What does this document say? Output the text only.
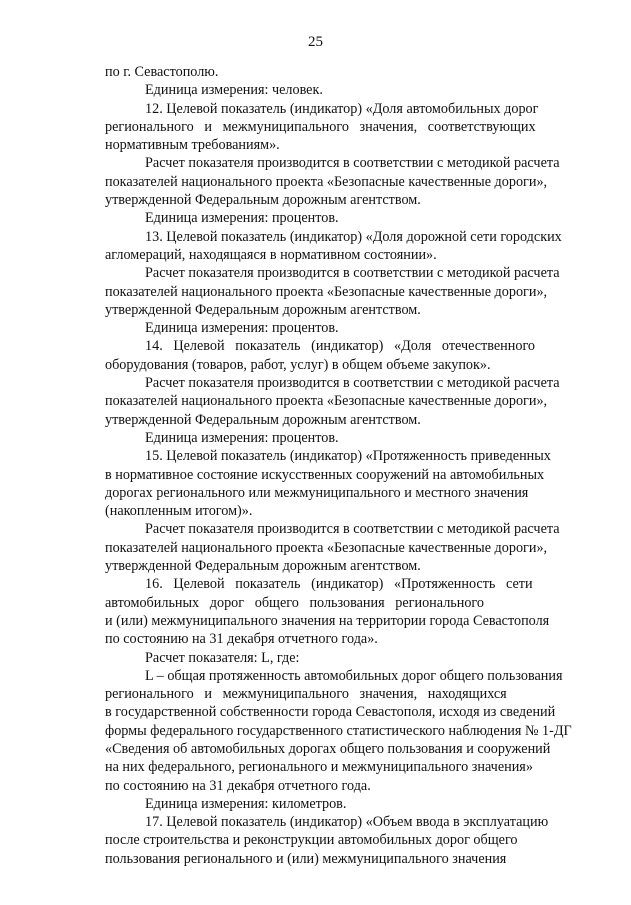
25
по г. Севастополю.
Единица измерения: человек.
12. Целевой показатель (индикатор) «Доля автомобильных дорог
регионального   и   межмуниципального   значения,   соответствующих
нормативным требованиям».
Расчет показателя производится в соответствии с методикой расчета
показателей национального проекта «Безопасные качественные дороги»,
утвержденной Федеральным дорожным агентством.
Единица измерения: процентов.
13. Целевой показатель (индикатор) «Доля дорожной сети городских
агломераций, находящаяся в нормативном состоянии».
Расчет показателя производится в соответствии с методикой расчета
показателей национального проекта «Безопасные качественные дороги»,
утвержденной Федеральным дорожным агентством.
Единица измерения: процентов.
14.   Целевой   показатель   (индикатор)   «Доля   отечественного
оборудования (товаров, работ, услуг) в общем объеме закупок».
Расчет показателя производится в соответствии с методикой расчета
показателей национального проекта «Безопасные качественные дороги»,
утвержденной Федеральным дорожным агентством.
Единица измерения: процентов.
15. Целевой показатель (индикатор) «Протяженность приведенных
в нормативное состояние искусственных сооружений на автомобильных
дорогах регионального или межмуниципального и местного значения
(накопленным итогом)».
Расчет показателя производится в соответствии с методикой расчета
показателей национального проекта «Безопасные качественные дороги»,
утвержденной Федеральным дорожным агентством.
16.   Целевой   показатель   (индикатор)   «Протяженность   сети
автомобильных   дорог   общего   пользования   регионального
и (или) межмуниципального значения на территории города Севастополя
по состоянию на 31 декабря отчетного года».
Расчет показателя: L, где:
L – общая протяженность автомобильных дорог общего пользования
регионального   и   межмуниципального   значения,   находящихся
в государственной собственности города Севастополя, исходя из сведений
формы федерального государственного статистического наблюдения № 1-ДГ
«Сведения об автомобильных дорогах общего пользования и сооружений
на них федерального, регионального и межмуниципального значения»
по состоянию на 31 декабря отчетного года.
Единица измерения: километров.
17. Целевой показатель (индикатор) «Объем ввода в эксплуатацию
после строительства и реконструкции автомобильных дорог общего
пользования регионального и (или) межмуниципального значения
